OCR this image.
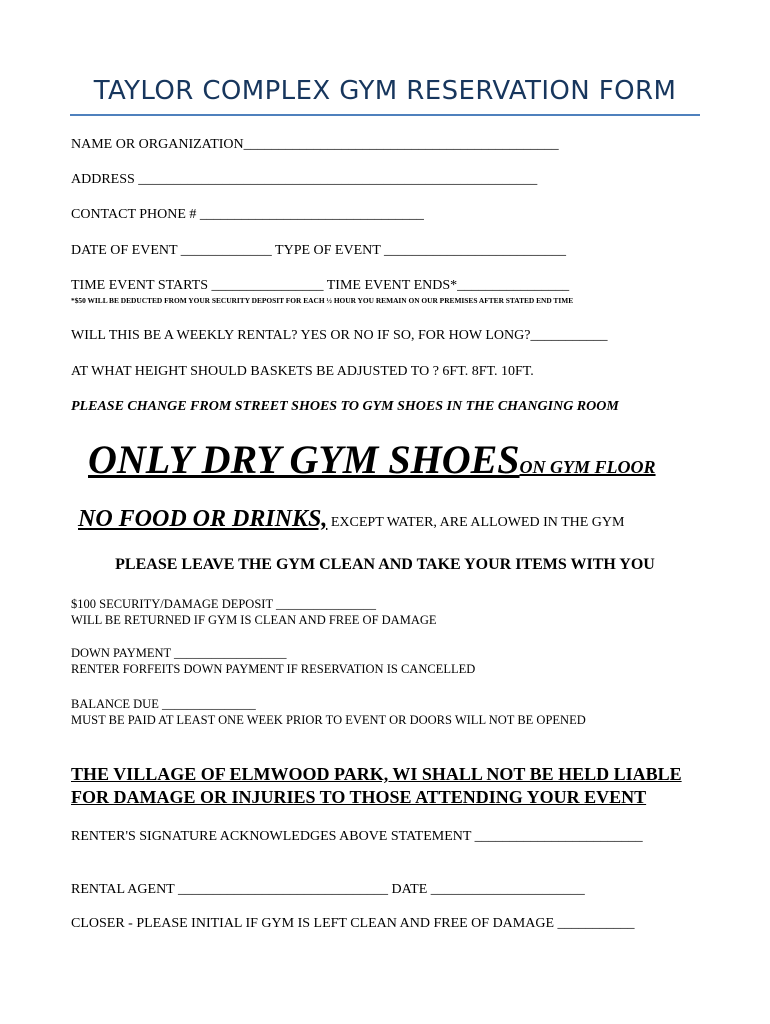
TAYLOR COMPLEX GYM RESERVATION FORM
NAME OR ORGANIZATION_____________________________________________
ADDRESS _________________________________________________________
CONTACT PHONE # ________________________________
DATE OF EVENT _____________ TYPE OF EVENT __________________________
TIME EVENT STARTS ________________ TIME EVENT ENDS*________________
*$50 WILL BE DEDUCTED FROM YOUR SECURITY DEPOSIT FOR EACH ½ HOUR YOU REMAIN ON OUR PREMISES AFTER STATED END TIME
WILL THIS BE A WEEKLY RENTAL? YES OR NO IF SO, FOR HOW LONG?___________
AT WHAT HEIGHT SHOULD BASKETS BE ADJUSTED TO ? 6FT. 8FT. 10FT.
PLEASE CHANGE FROM STREET SHOES TO GYM SHOES IN THE CHANGING ROOM
ONLY DRY GYM SHOESON GYM FLOOR
NO FOOD OR DRINKS, EXCEPT WATER, ARE ALLOWED IN THE GYM
PLEASE LEAVE THE GYM CLEAN AND TAKE YOUR ITEMS WITH YOU
$100 SECURITY/DAMAGE DEPOSIT ________________
WILL BE RETURNED IF GYM IS CLEAN AND FREE OF DAMAGE
DOWN PAYMENT __________________
RENTER FORFEITS DOWN PAYMENT IF RESERVATION IS CANCELLED
BALANCE DUE _______________
MUST BE PAID AT LEAST ONE WEEK PRIOR TO EVENT OR DOORS WILL NOT BE OPENED
THE VILLAGE OF ELMWOOD PARK, WI SHALL NOT BE HELD LIABLE FOR DAMAGE OR INJURIES TO THOSE ATTENDING YOUR EVENT
RENTER'S SIGNATURE ACKNOWLEDGES ABOVE STATEMENT ________________________
RENTAL AGENT ______________________________ DATE ______________________
CLOSER - PLEASE INITIAL IF GYM IS LEFT CLEAN AND FREE OF DAMAGE ___________
